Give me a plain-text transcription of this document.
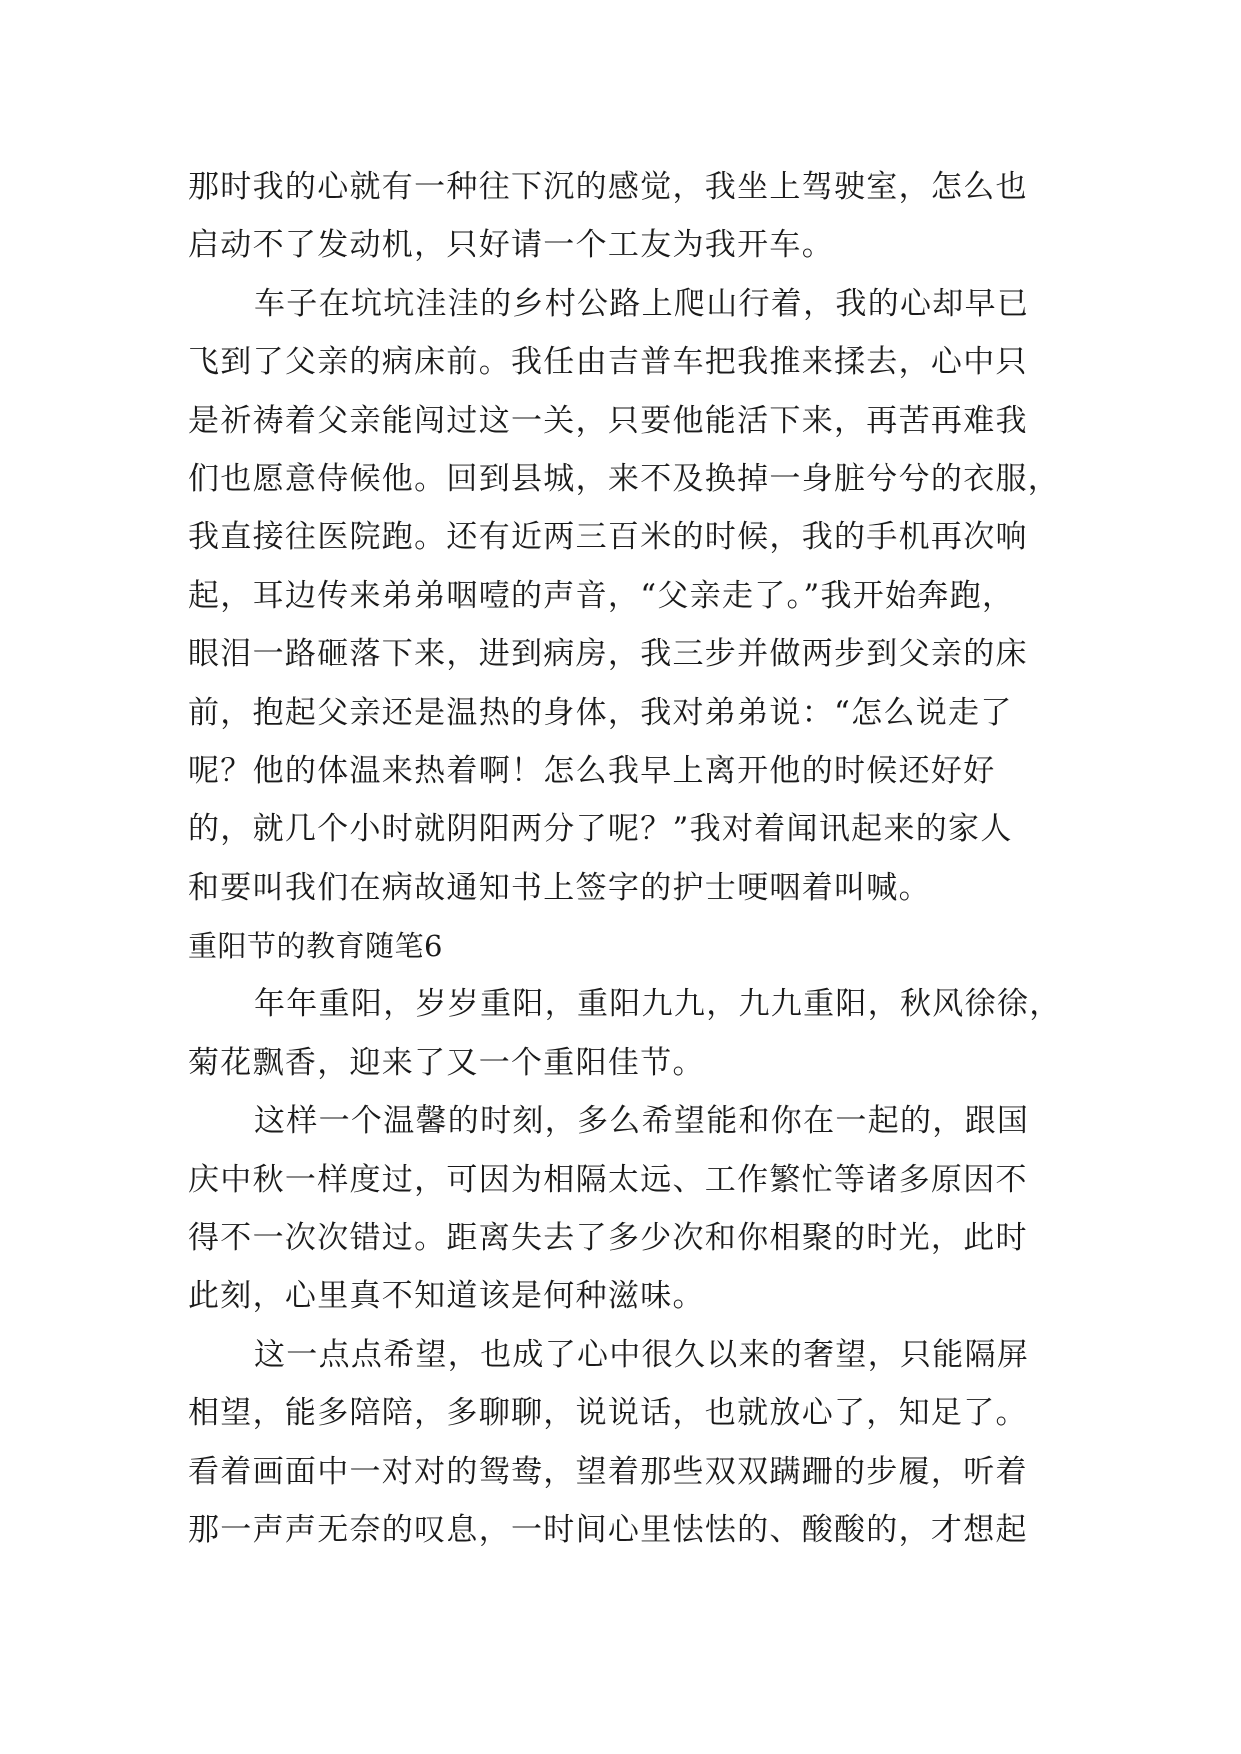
那时我的心就有一种往下沉的感觉，我坐上驾驶室，怎么也
启动不了发动机，只好请一个工友为我开车。
车子在坑坑洼洼的乡村公路上爬山行着，我的心却早已
飞到了父亲的病床前。我任由吉普车把我推来揉去，心中只
是祈祷着父亲能闯过这一关，只要他能活下来，再苦再难我
们也愿意侍候他。回到县城，来不及换掉一身脏兮兮的衣服，
我直接往医院跑。还有近两三百米的时候，我的手机再次响
起，耳边传来弟弟咽噎的声音，“父亲走了。”我开始奔跑，
眼泪一路砸落下来，进到病房，我三步并做两步到父亲的床
前，抱起父亲还是温热的身体，我对弟弟说：“怎么说走了
呢？他的体温来热着啊！怎么我早上离开他的时候还好好
的，就几个小时就阴阳两分了呢？”我对着闻讯起来的家人
和要叫我们在病故通知书上签字的护士哽咽着叫喊。
重阳节的教育随笔6
年年重阳，岁岁重阳，重阳九九，九九重阳，秋风徐徐，
菊花飘香，迎来了又一个重阳佳节。
这样一个温馨的时刻，多么希望能和你在一起的，跟国
庆中秋一样度过，可因为相隔太远、工作繁忙等诸多原因不
得不一次次错过。距离失去了多少次和你相聚的时光，此时
此刻，心里真不知道该是何种滋味。
这一点点希望，也成了心中很久以来的奢望，只能隔屏
相望，能多陪陪，多聊聊，说说话，也就放心了，知足了。
看着画面中一对对的鸳鸯，望着那些双双蹒跚的步履，听着
那一声声无奈的叹息，一时间心里怯怯的、酸酸的，才想起
